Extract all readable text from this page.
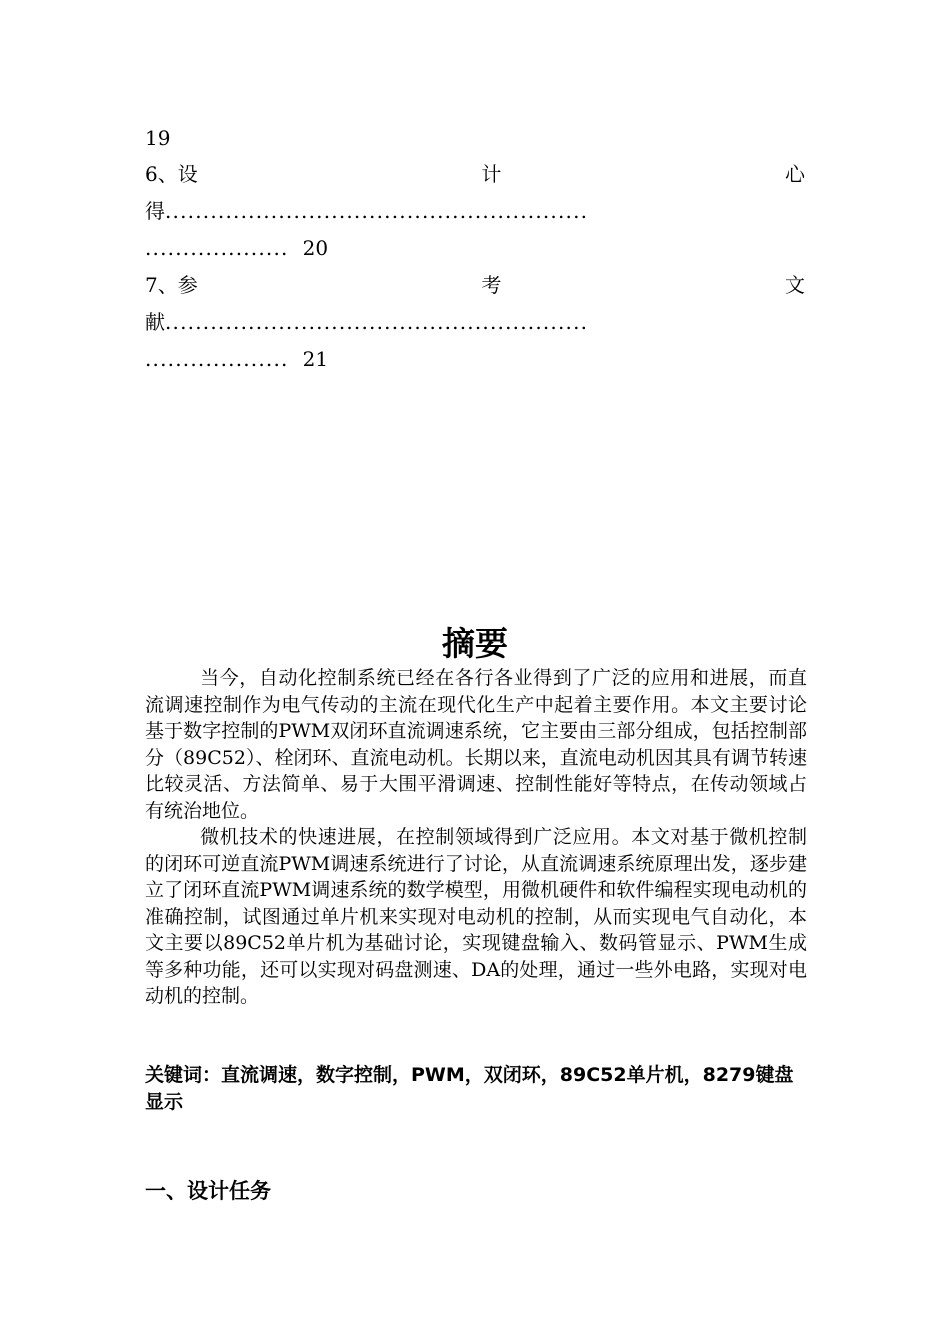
19
6、设	计	心
得........................................................
................... 20
7、参	考	文
献........................................................
................... 21
摘要

当今，自动化控制系统已经在各行各业得到了广泛的应用和进展，而直流调速控制作为电气传动的主流在现代化生产中起着主要作用。本文主要讨论基于数字控制的PWM双闭环直流调速系统，它主要由三部分组成，包括控制部分（89C52）、栓闭环、直流电动机。长期以来，直流电动机因其具有调节转速比较灵活、方法简单、易于大围平滑调速、控制性能好等特点，在传动领域占有统治地位。

微机技术的快速进展，在控制领域得到广泛应用。本文对基于微机控制的闭环可逆直流PWM调速系统进行了讨论，从直流调速系统原理出发，逐步建立了闭环直流PWM调速系统的数学模型，用微机硬件和软件编程实现电动机的准确控制，试图通过单片机来实现对电动机的控制，从而实现电气自动化，本文主要以89C52单片机为基础讨论，实现键盘输入、数码管显示、PWM生成等多种功能，还可以实现对码盘测速、DA的处理，通过一些外电路，实现对电动机的控制。

关键词：直流调速，数字控制，PWM，双闭环，89C52单片机，8279键盘显示
一、设计任务
